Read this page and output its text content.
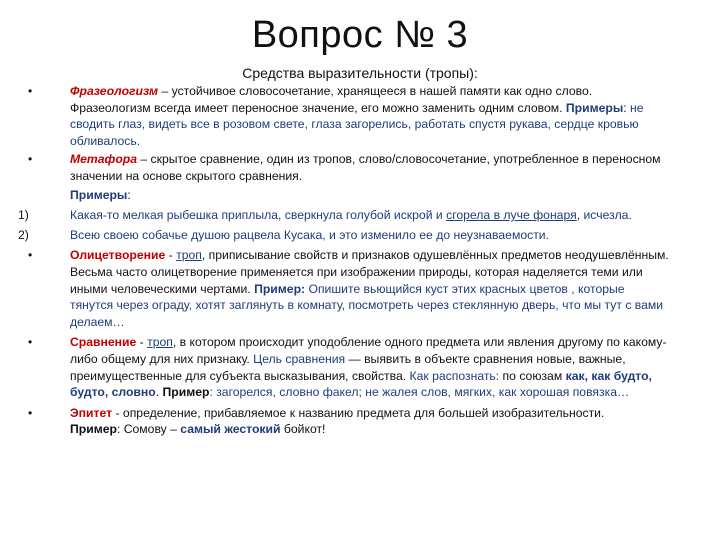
Вопрос № 3
Средства выразительности (тропы):
•
Фразеологизм – устойчивое словосочетание, хранящееся в нашей памяти как одно слово. Фразеологизм всегда имеет переносное значение, его можно заменить одним словом. Примеры: не сводить глаз, видеть все в розовом свете, глаза загорелись, работать спустя рукава, сердце кровью обливалось.
•
Метафора – скрытое сравнение, один из тропов, слово/словосочетание, употребленное в переносном значении на основе скрытого сравнения.
Примеры:
1)	Какая-то мелкая рыбешка приплыла, сверкнула голубой искрой и сгорела в луче фонаря, исчезла.
2)	Всею своею собачье душою рацвела Кусака, и это изменило ее до неузнаваемости.
•
Олицетворение - троп, приписывание свойств и признаков одушевлённых предметов неодушевлённым. Весьма часто олицетворение применяется при изображении природы, которая наделяется теми или иными человеческими чертами. Пример: Опишите вьющийся куст этих красных цветов , которые тянутся через ограду, хотят заглянуть в комнату, посмотреть через стеклянную дверь, что мы тут с вами делаем…
•
Сравнение - троп, в котором происходит уподобление одного предмета или явления другому по какому-либо общему для них признаку. Цель сравнения — выявить в объекте сравнения новые, важные, преимущественные для субъекта высказывания, свойства. Как распознать: по союзам как, как будто, будто, словно. Пример: загорелся, словно факел; не жалея слов, мягких, как хорошая повязка…
•
Эпитет - определение, прибавляемое к названию предмета для большей изобразительности.
Пример: Сомову – самый жестокий бойкот!
